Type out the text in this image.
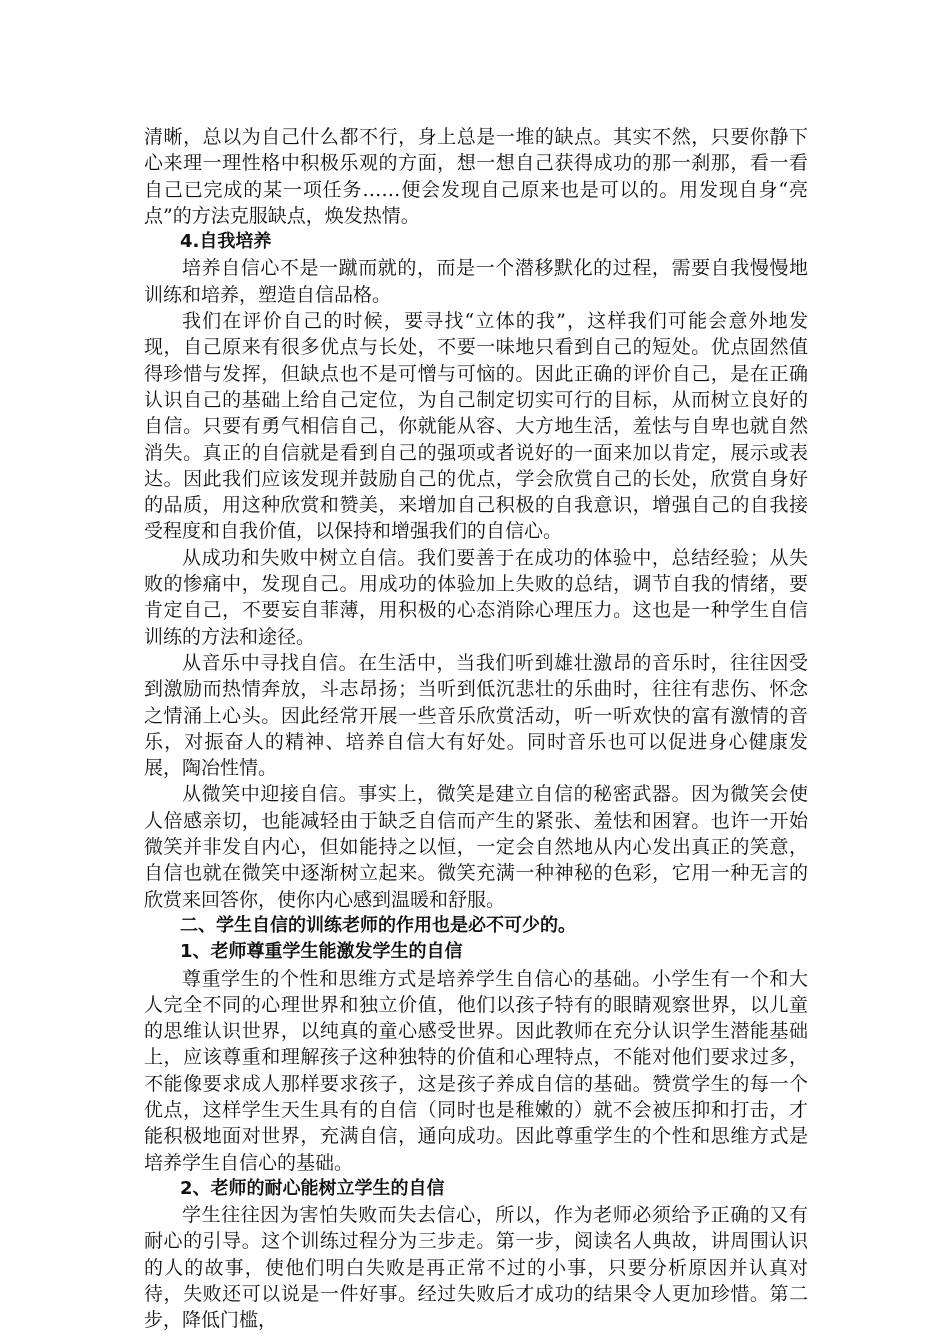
清晰，总以为自己什么都不行，身上总是一堆的缺点。其实不然，只要你静下心来理一理性格中积极乐观的方面，想一想自己获得成功的那一刹那，看一看自己已完成的某一项任务……便会发现自己原来也是可以的。用发现自身“亮点”的方法克服缺点，焕发热情。

4.自我培养

培养自信心不是一蹴而就的，而是一个潜移默化的过程，需要自我慢慢地训练和培养，塑造自信品格。

我们在评价自己的时候，要寻找“立体的我”，这样我们可能会意外地发现，自己原来有很多优点与长处，不要一味地只看到自己的短处。优点固然值得珍惜与发挥，但缺点也不是可憎与可恼的。因此正确的评价自己，是在正确认识自己的基础上给自己定位，为自己制定切实可行的目标，从而树立良好的自信。只要有勇气相信自己，你就能从容、大方地生活，羞怯与自卑也就自然消失。真正的自信就是看到自己的强项或者说好的一面来加以肯定，展示或表达。因此我们应该发现并鼓励自己的优点，学会欣赏自己的长处，欣赏自身好的品质，用这种欣赏和赞美，来增加自己积极的自我意识，增强自己的自我接受程度和自我价值，以保持和增强我们的自信心。

从成功和失败中树立自信。我们要善于在成功的体验中，总结经验；从失败的惨痛中，发现自己。用成功的体验加上失败的总结，调节自我的情绪，要肯定自己，不要妄自菲薄，用积极的心态消除心理压力。这也是一种学生自信训练的方法和途径。

从音乐中寻找自信。在生活中，当我们听到雄壮激昂的音乐时，往往因受到激励而热情奔放，斗志昂扬；当听到低沉悲壮的乐曲时，往往有悲伤、怀念之情涌上心头。因此经常开展一些音乐欣赏活动，听一听欢快的富有激情的音乐，对振奋人的精神、培养自信大有好处。同时音乐也可以促进身心健康发展，陶冶性情。

从微笑中迎接自信。事实上，微笑是建立自信的秘密武器。因为微笑会使人倍感亲切，也能减轻由于缺乏自信而产生的紧张、羞怯和困窘。也许一开始微笑并非发自内心，但如能持之以恒，一定会自然地从内心发出真正的笑意，自信也就在微笑中逐渐树立起来。微笑充满一种神秘的色彩，它用一种无言的欣赏来回答你，使你内心感到温暖和舒服。

二、学生自信的训练老师的作用也是必不可少的。

1、老师尊重学生能激发学生的自信

尊重学生的个性和思维方式是培养学生自信心的基础。小学生有一个和大人完全不同的心理世界和独立价值，他们以孩子特有的眼睛观察世界，以儿童的思维认识世界，以纯真的童心感受世界。因此教师在充分认识学生潜能基础上，应该尊重和理解孩子这种独特的价值和心理特点，不能对他们要求过多，不能像要求成人那样要求孩子，这是孩子养成自信的基础。赞赏学生的每一个优点，这样学生天生具有的自信（同时也是稚嫩的）就不会被压抑和打击，才能积极地面对世界，充满自信，通向成功。因此尊重学生的个性和思维方式是培养学生自信心的基础。

2、老师的耐心能树立学生的自信

学生往往因为害怕失败而失去信心，所以，作为老师必须给予正确的又有耐心的引导。这个训练过程分为三步走。第一步，阅读名人典故，讲周围认识的人的故事，使他们明白失败是再正常不过的小事，只要分析原因并认真对待，失败还可以说是一件好事。经过失败后才成功的结果令人更加珍惜。第二步，降低门槛，
